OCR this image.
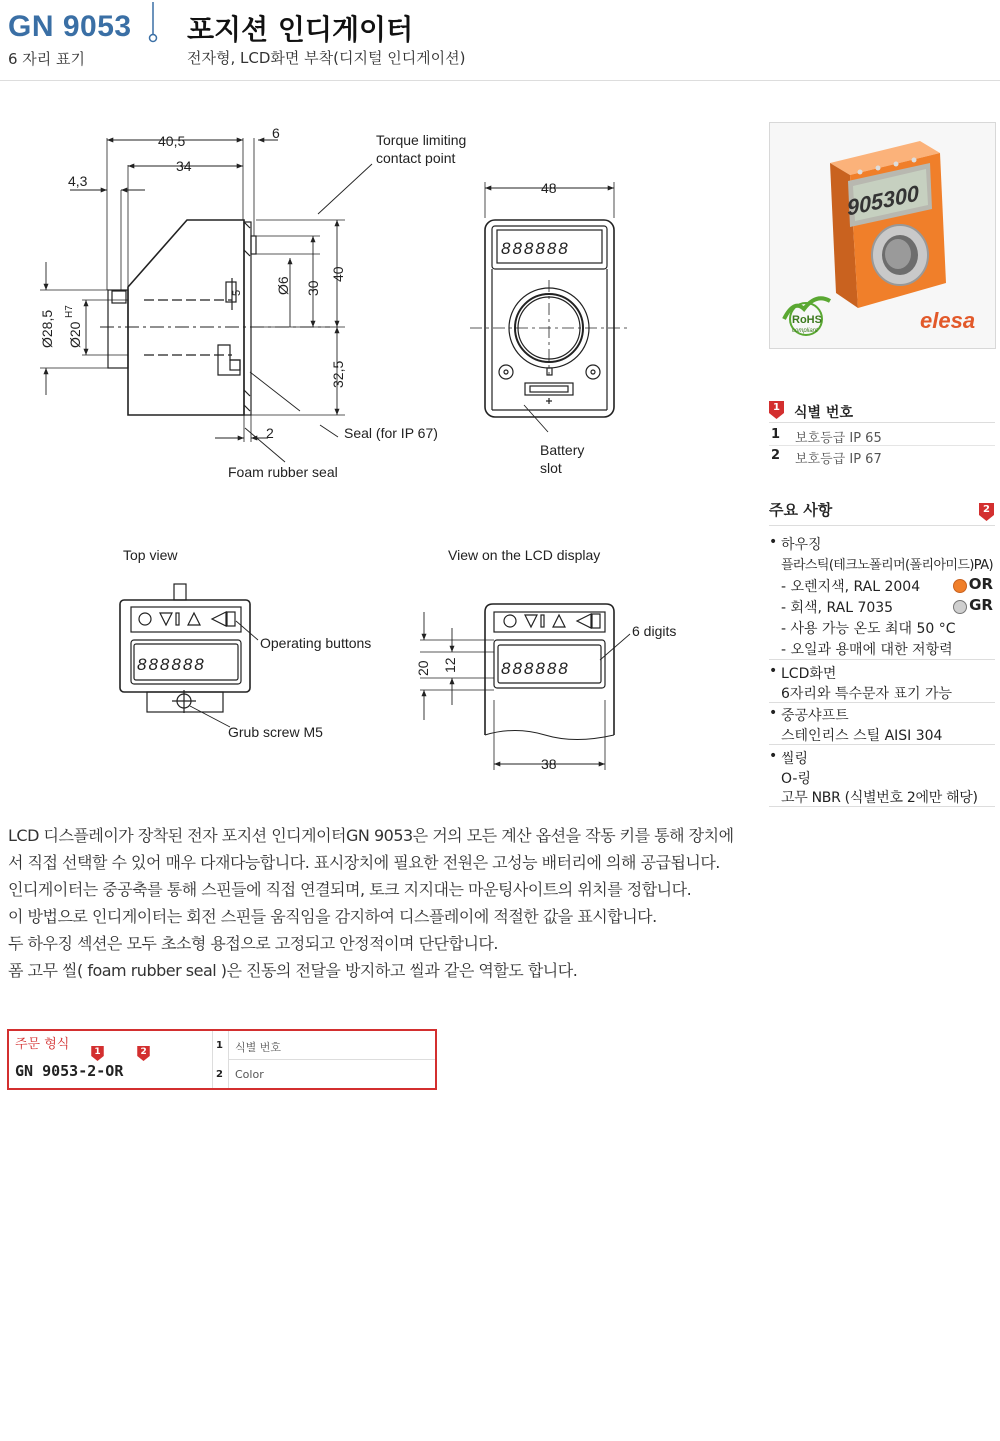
GN 9053
6 자리 표기
포지션 인디게이터
전자형, LCD화면 부착(디지털 인디게이션)
40,5
34
6
4,3
Ø28,5 Ø20
H7
Ø6 30
40
32,5
5
2
Torque limiting
contact point
Seal (for IP 67)
Foam rubber seal
48
888888
Battery
slot
Top view
888888
Operating buttons
Grub screw M5
View on the LCD display
888888
6 digits
20 12
38
905300
RoHS
compliant	elesa
1 식별 번호
1 보호등급 IP 65
2 보호등급 IP 67
주요 사항	2
• 하우징
플라스틱(테크노폴리머(폴리아미드)PA)
- 오렌지색, RAL 2004	OR
- 회색, RAL 7035	GR
- 사용 가능 온도 최대 50 °C
- 오일과 용매에 대한 저항력
• LCD화면
6자리와 특수문자 표기 가능
• 중공샤프트
스테인리스 스틸 AISI 304
• 씰링
O-링
고무 NBR (식별번호 2에만 해당)
LCD 디스플레이가 장착된 전자 포지션 인디게이터GN 9053은 거의 모든 계산 옵션을 작동 키를 통해 장치에
서 직접 선택할 수 있어 매우 다재다능합니다. 표시장치에 필요한 전원은 고성능 배터리에 의해 공급됩니다.
인디게이터는 중공축를 통해 스핀들에 직접 연결되며, 토크 지지대는 마운팅사이트의 위치를 정합니다.
이 방법으로 인디게이터는 회전 스핀들 움직임을 감지하여 디스플레이에 적절한 값을 표시합니다.
두 하우징 섹션은 모두 초소형 용접으로 고정되고 안정적이며 단단합니다.
폼 고무 씰( foam rubber seal )은 진동의 전달을 방지하고 씰과 같은 역할도 합니다.
주문 형식	1
	2
GN 9053-2-OR
1 식별 번호
2 Color
